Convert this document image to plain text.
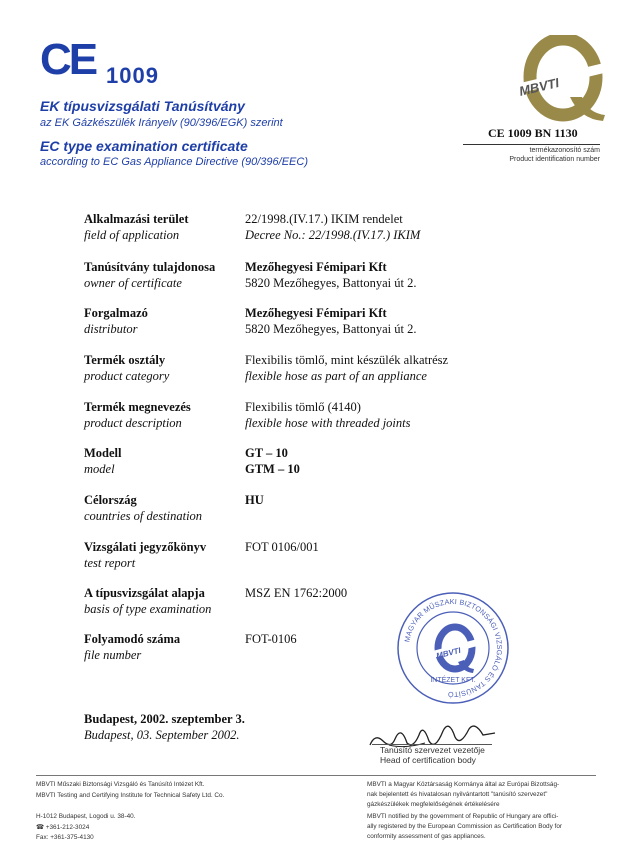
CE 1009
EK típusvizsgálati Tanúsítvány
az EK Gázkészülék Irányelv (90/396/EGK) szerint
EC type examination certificate
according to EC Gas Appliance Directive (90/396/EEC)
MBVTI
CE 1009 BN 1130
termékazonosító szám
Product identification number
Alkalmazási terület
field of application
22/1998.(IV.17.) IKIM rendelet
Decree No.: 22/1998.(IV.17.) IKIM
Tanúsítvány tulajdonosa
owner of certificate
Mezőhegyesi Fémipari Kft
5820 Mezőhegyes, Battonyai út 2.
Forgalmazó
distributor
Mezőhegyesi Fémipari Kft
5820 Mezőhegyes, Battonyai út 2.
Termék osztály
product category
Flexibilis tömlő, mint készülék alkatrész
flexible hose as part of an appliance
Termék megnevezés
product description
Flexibilis tömlő (4140)
flexible hose with threaded joints
Modell
model
GT – 10
GTM – 10
Célország
countries of destination
HU
Vizsgálati jegyzőkönyv
test report
FOT 0106/001
A típusvizsgálat alapja
basis of type examination
MSZ EN 1762:2000
Folyamodó száma
file number
FOT-0106
Budapest, 2002. szeptember 3.
Budapest, 03. September 2002.
MAGYAR MŰSZAKI BIZTONSÁGI VIZSGÁLÓ ÉS TANÚSÍTÓ
INTÉZET KFT.
MBVTI
Tanúsító szervezet vezetője
Head of certification body
MBVTI Műszaki Biztonsági Vizsgáló és Tanúsító Intézet Kft.
MBVTI Testing and Certifying Institute for Technical Safety Ltd. Co.
H-1012 Budapest, Logodi u. 38-40.
☎ +361-212-3024
Fax: +361-375-4130
MBVTI a Magyar Köztársaság Kormánya által az Európai Bizottság-
nak bejelentett és hivatalosan nyilvántartott "tanúsító szervezet"
gázkészülékek megfelelőségének értékelésére
MBVTI notified by the government of Republic of Hungary are offici-
ally registered by the European Commission as Certification Body for
conformity assessment of gas appliances.
